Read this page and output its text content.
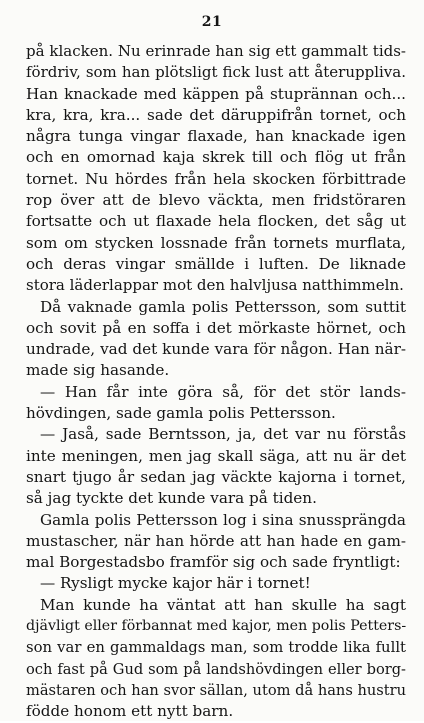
21
på klacken. Nu erinrade han sig ett gammalt tids-
fördriv, som han plötsligt fick lust att återuppliva.
Han knackade med käppen på stuprännan och...
kra, kra, kra... sade det däruppifrån tornet, och
några tunga vingar flaxade, han knackade igen
och en omornad kaja skrek till och flög ut från
tornet. Nu hördes från hela skocken förbittrade
rop över att de blevo väckta, men fridstöraren
fortsatte och ut flaxade hela flocken, det såg ut
som om stycken lossnade från tornets murflata,
och deras vingar smällde i luften. De liknade
stora läderlappar mot den halvljusa natthimmeln.
Då vaknade gamla polis Pettersson, som suttit
och sovit på en soffa i det mörkaste hörnet, och
undrade, vad det kunde vara för någon. Han när-
made sig hasande.
— Han får inte göra så, för det stör lands-
hövdingen, sade gamla polis Pettersson.
— Jaså, sade Berntsson, ja, det var nu förstås
inte meningen, men jag skall säga, att nu är det
snart tjugo år sedan jag väckte kajorna i tornet,
så jag tyckte det kunde vara på tiden.
Gamla polis Pettersson log i sina snussprängda
mustascher, när han hörde att han hade en gam-
mal Borgestadsbo framför sig och sade fryntligt:
— Rysligt mycke kajor här i tornet!
Man kunde ha väntat att han skulle ha sagt
djävligt eller förbannat med kajor, men polis Petters-
son var en gammaldags man, som trodde lika fullt
och fast på Gud som på landshövdingen eller borg-
mästaren och han svor sällan, utom då hans hustru
födde honom ett nytt barn.
